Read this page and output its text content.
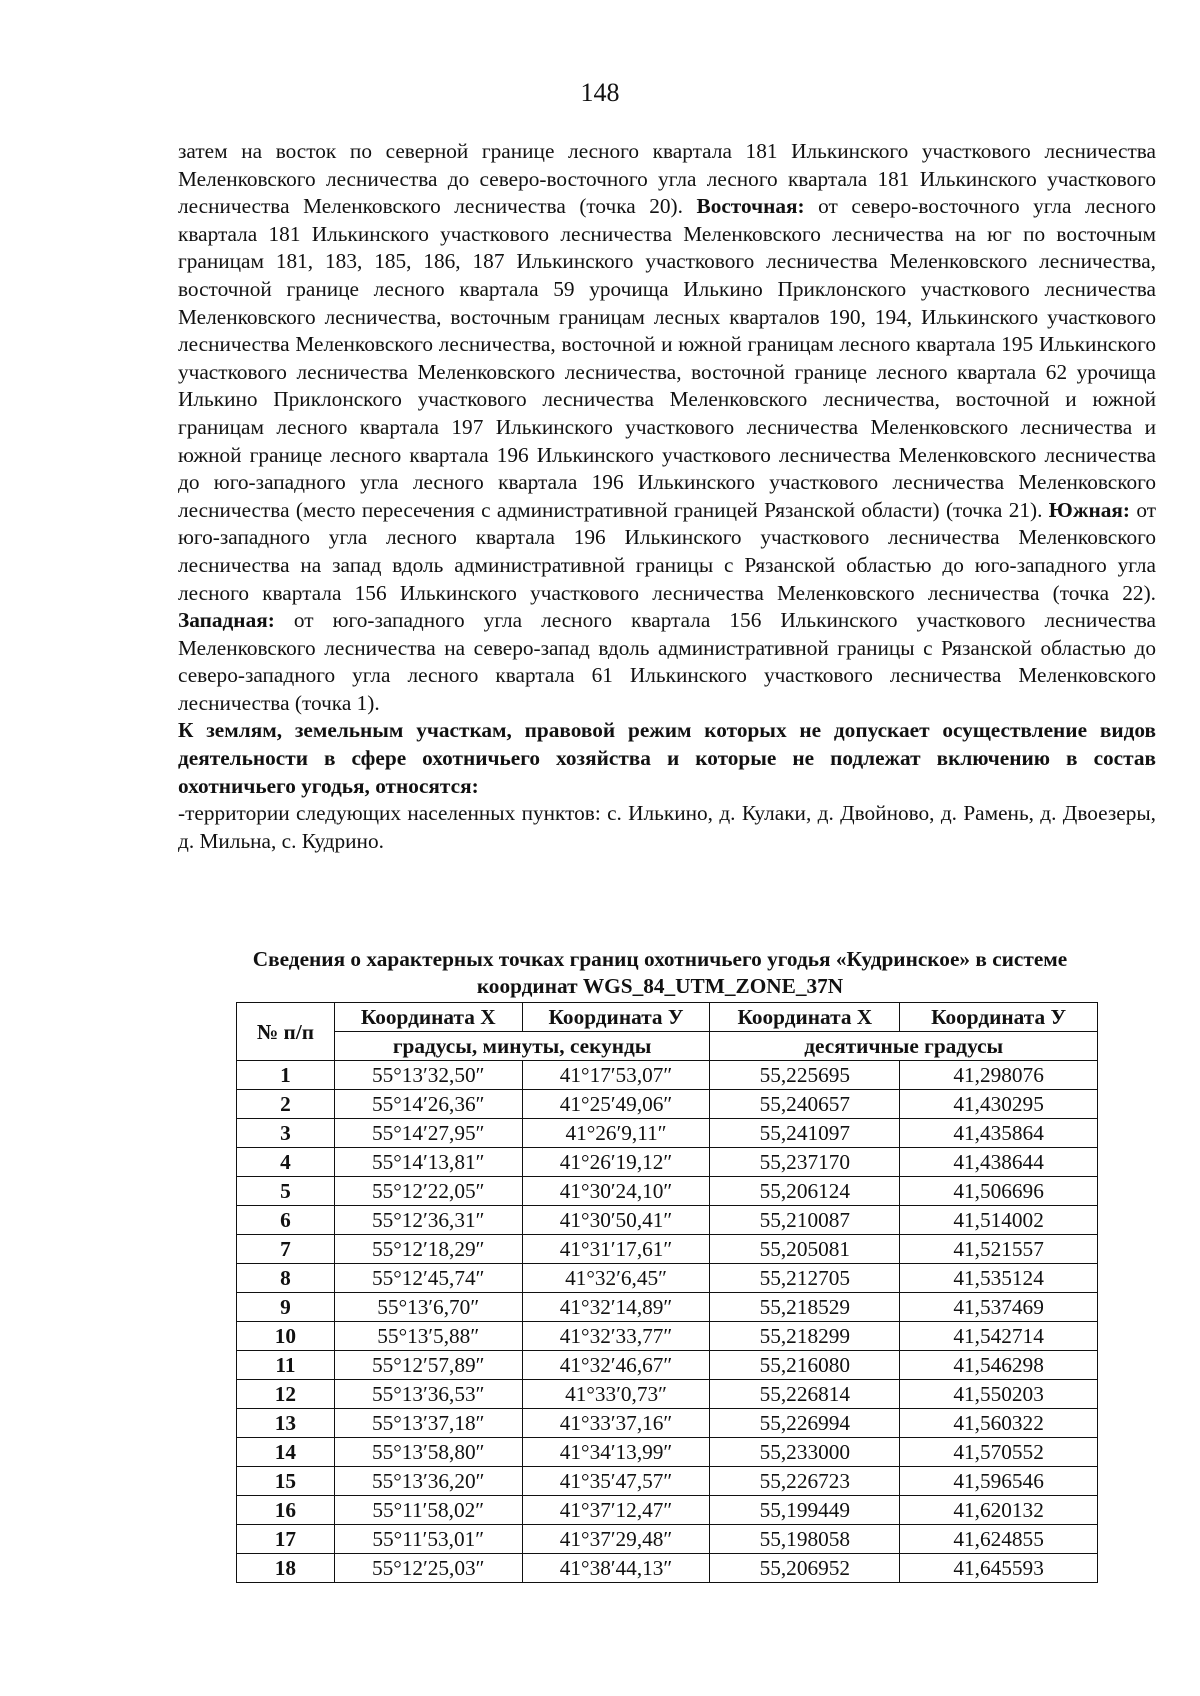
148

затем на восток по северной границе лесного квартала 181 Илькинского участкового лесничества Меленковского лесничества до северо-восточного угла лесного квартала 181 Илькинского участкового лесничества Меленковского лесничества (точка 20). Восточная: от северо-восточного угла лесного квартала 181 Илькинского участкового лесничества Меленковского лесничества на юг по восточным границам 181, 183, 185, 186, 187 Илькинского участкового лесничества Меленковского лесничества, восточной границе лесного квартала 59 урочища Илькино Приклонского участкового лесничества Меленковского лесничества, восточным границам лесных кварталов 190, 194, Илькинского участкового лесничества Меленковского лесничества, восточной и южной границам лесного квартала 195 Илькинского участкового лесничества Меленковского лесничества, восточной границе лесного квартала 62 урочища Илькино Приклонского участкового лесничества Меленковского лесничества, восточной и южной границам лесного квартала 197 Илькинского участкового лесничества Меленковского лесничества и южной границе лесного квартала 196 Илькинского участкового лесничества Меленковского лесничества до юго-западного угла лесного квартала 196 Илькинского участкового лесничества Меленковского лесничества (место пересечения с административной границей Рязанской области) (точка 21). Южная: от юго-западного угла лесного квартала 196 Илькинского участкового лесничества Меленковского лесничества на запад вдоль административной границы с Рязанской областью до юго-западного угла лесного квартала 156 Илькинского участкового лесничества Меленковского лесничества (точка 22). Западная: от юго-западного угла лесного квартала 156 Илькинского участкового лесничества Меленковского лесничества на северо-запад вдоль административной границы с Рязанской областью до северо-западного угла лесного квартала 61 Илькинского участкового лесничества Меленковского лесничества (точка 1).

К землям, земельным участкам, правовой режим которых не допускает осуществление видов деятельности в сфере охотничьего хозяйства и которые не подлежат включению в состав охотничьего угодья, относятся:

-территории следующих населенных пунктов: с. Илькино, д. Кулаки, д. Двойново, д. Рамень, д. Двоезеры, д. Мильна, с. Кудрино.

Сведения о характерных точках границ охотничьего угодья «Кудринское» в системе
координат WGS_84_UTM_ZONE_37N
№ п/п	Координата X	Координата У	Координата X	Координата У
	градусы, минуты, секунды		десятичные градусы	
1	55°13′32,50″	41°17′53,07″	55,225695	41,298076
2	55°14′26,36″	41°25′49,06″	55,240657	41,430295
3	55°14′27,95″	41°26′9,11″	55,241097	41,435864
4	55°14′13,81″	41°26′19,12″	55,237170	41,438644
5	55°12′22,05″	41°30′24,10″	55,206124	41,506696
6	55°12′36,31″	41°30′50,41″	55,210087	41,514002
7	55°12′18,29″	41°31′17,61″	55,205081	41,521557
8	55°12′45,74″	41°32′6,45″	55,212705	41,535124
9	55°13′6,70″	41°32′14,89″	55,218529	41,537469
10	55°13′5,88″	41°32′33,77″	55,218299	41,542714
11	55°12′57,89″	41°32′46,67″	55,216080	41,546298
12	55°13′36,53″	41°33′0,73″	55,226814	41,550203
13	55°13′37,18″	41°33′37,16″	55,226994	41,560322
14	55°13′58,80″	41°34′13,99″	55,233000	41,570552
15	55°13′36,20″	41°35′47,57″	55,226723	41,596546
16	55°11′58,02″	41°37′12,47″	55,199449	41,620132
17	55°11′53,01″	41°37′29,48″	55,198058	41,624855
18	55°12′25,03″	41°38′44,13″	55,206952	41,645593
